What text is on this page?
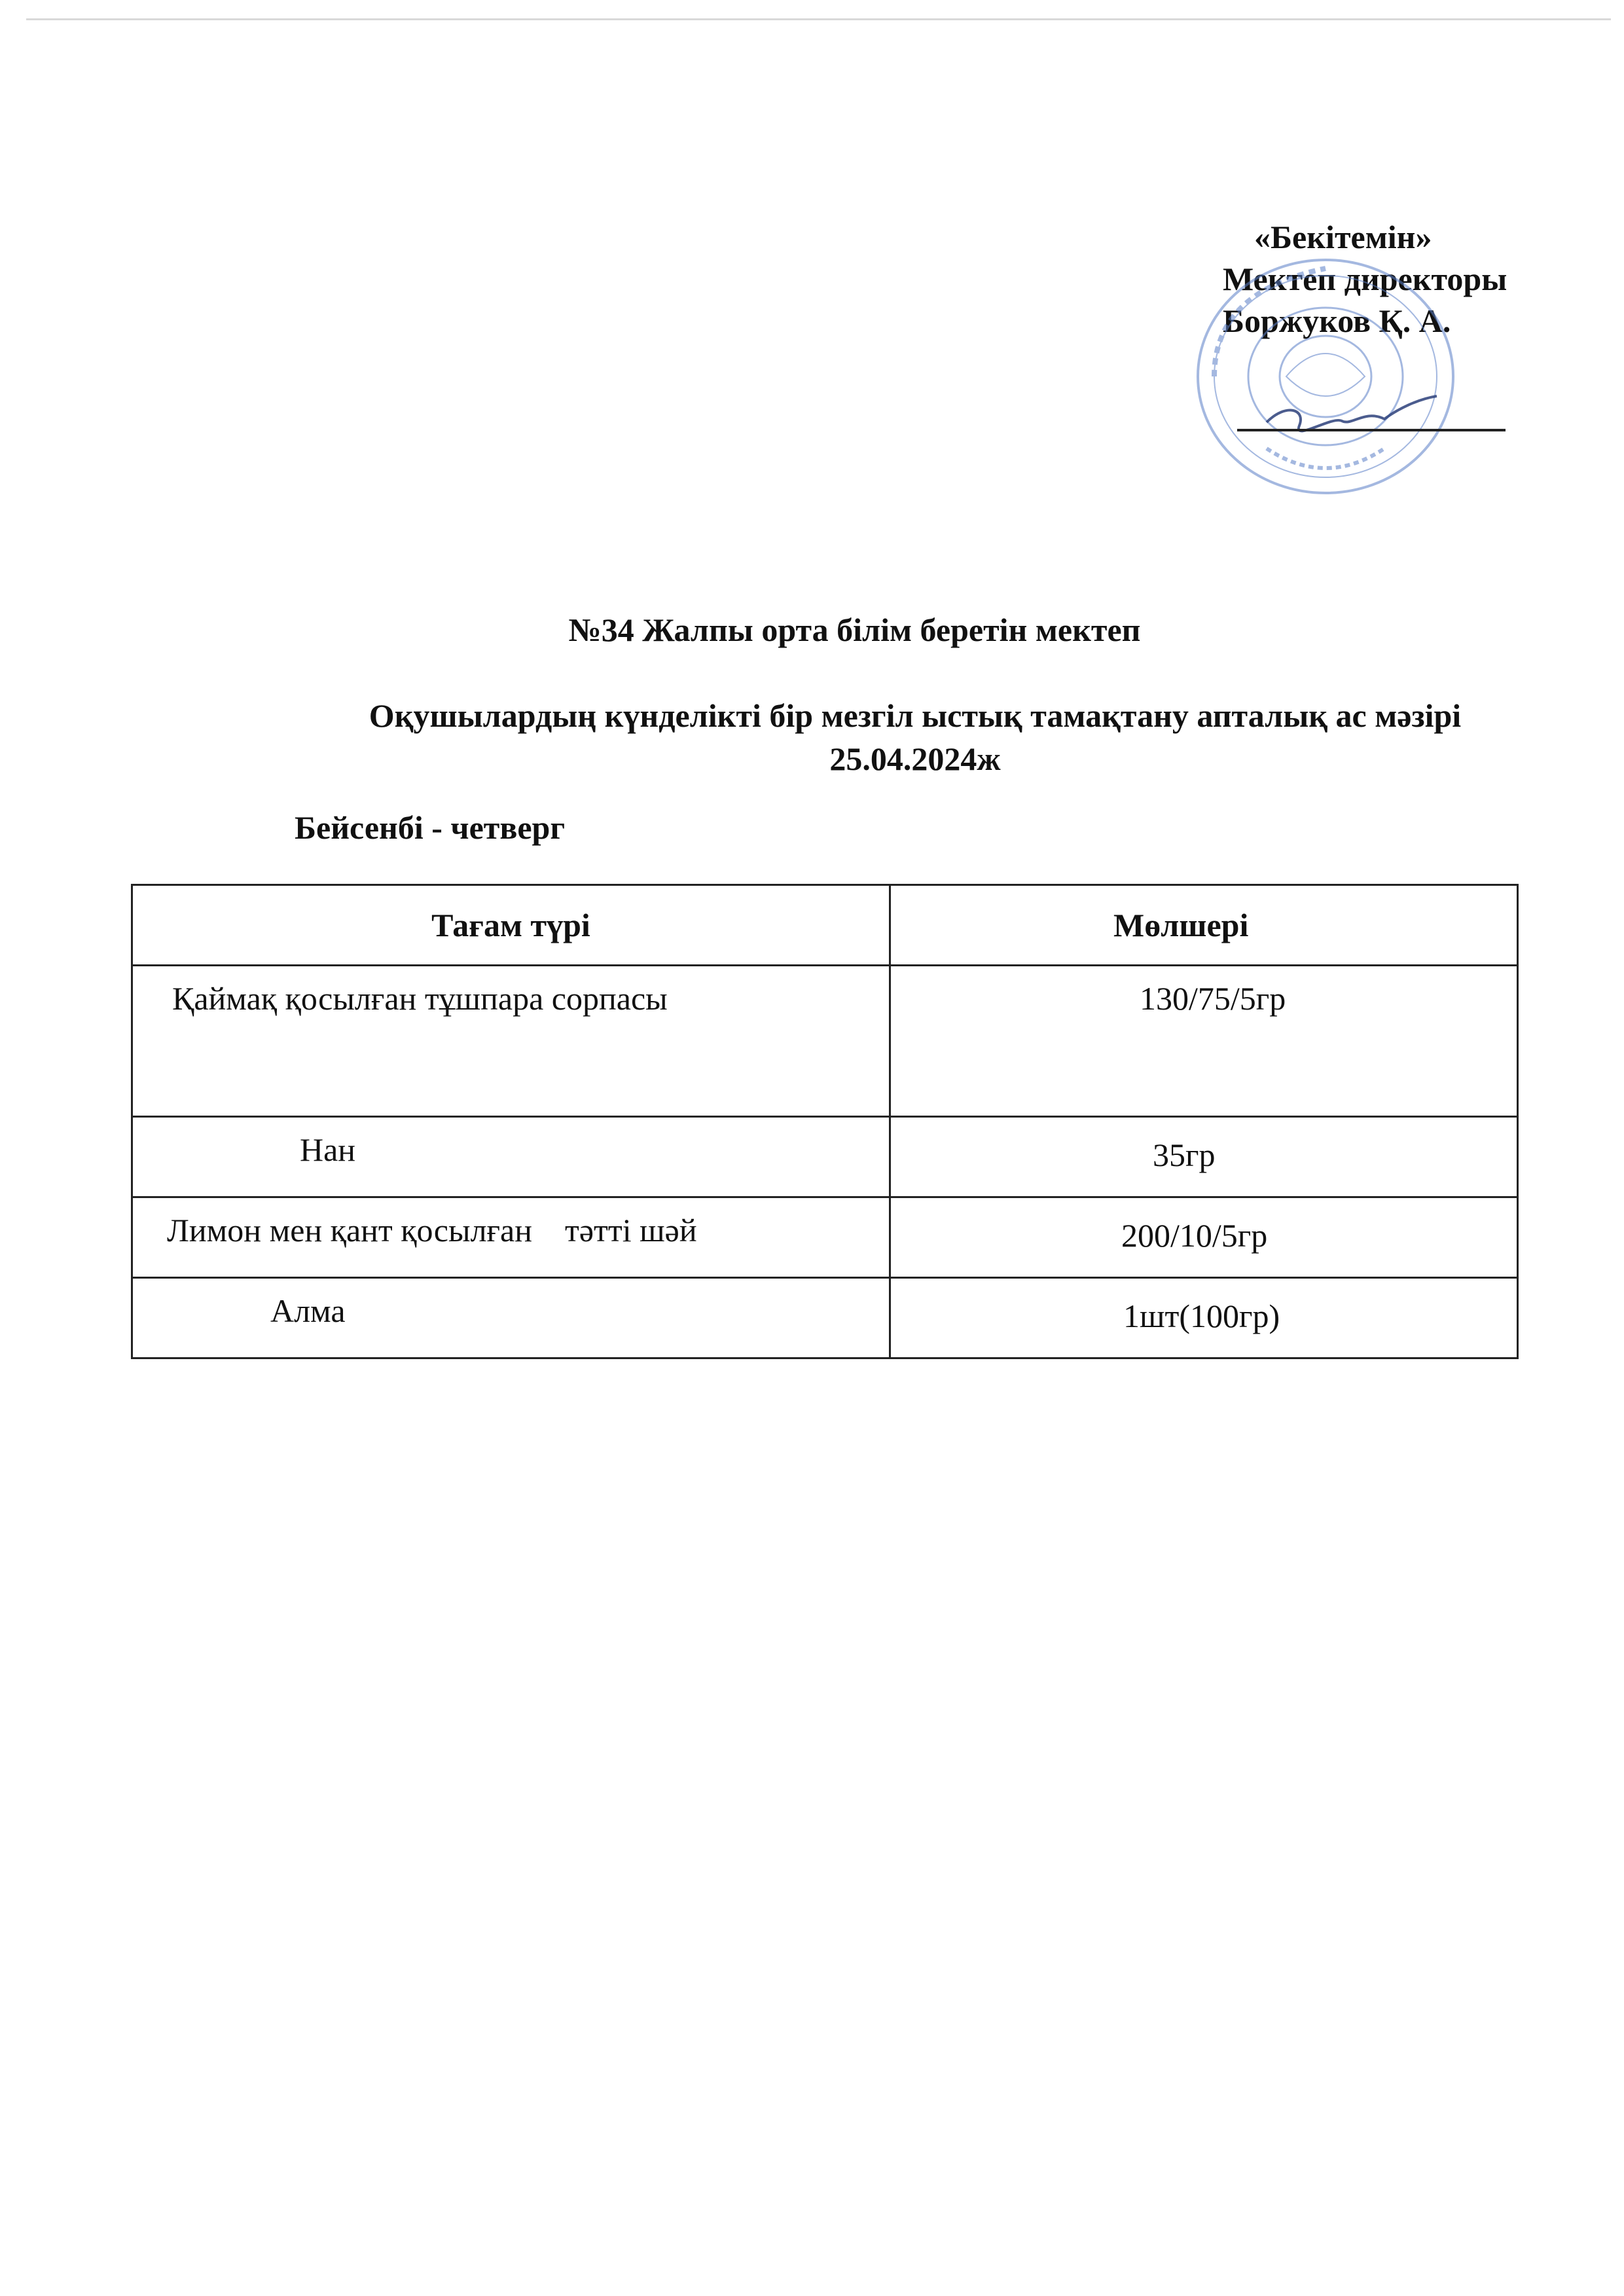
«Бекітемін»
Мектеп директоры
Боржуков Қ. А.
№34 Жалпы орта білім беретін мектеп
Оқушылардың күнделікті бір мезгіл ыстық тамақтану апталық ас мәзірі
25.04.2024ж
Бейсенбі - четверг
Тағам түрі	Мөлшері

Қаймақ қосылған тұшпара сорпасы	130/75/5гр

Нан	35гр

Лимон мен қант қосылған    тәтті шәй	200/10/5гр

Алма	1шт(100гр)
